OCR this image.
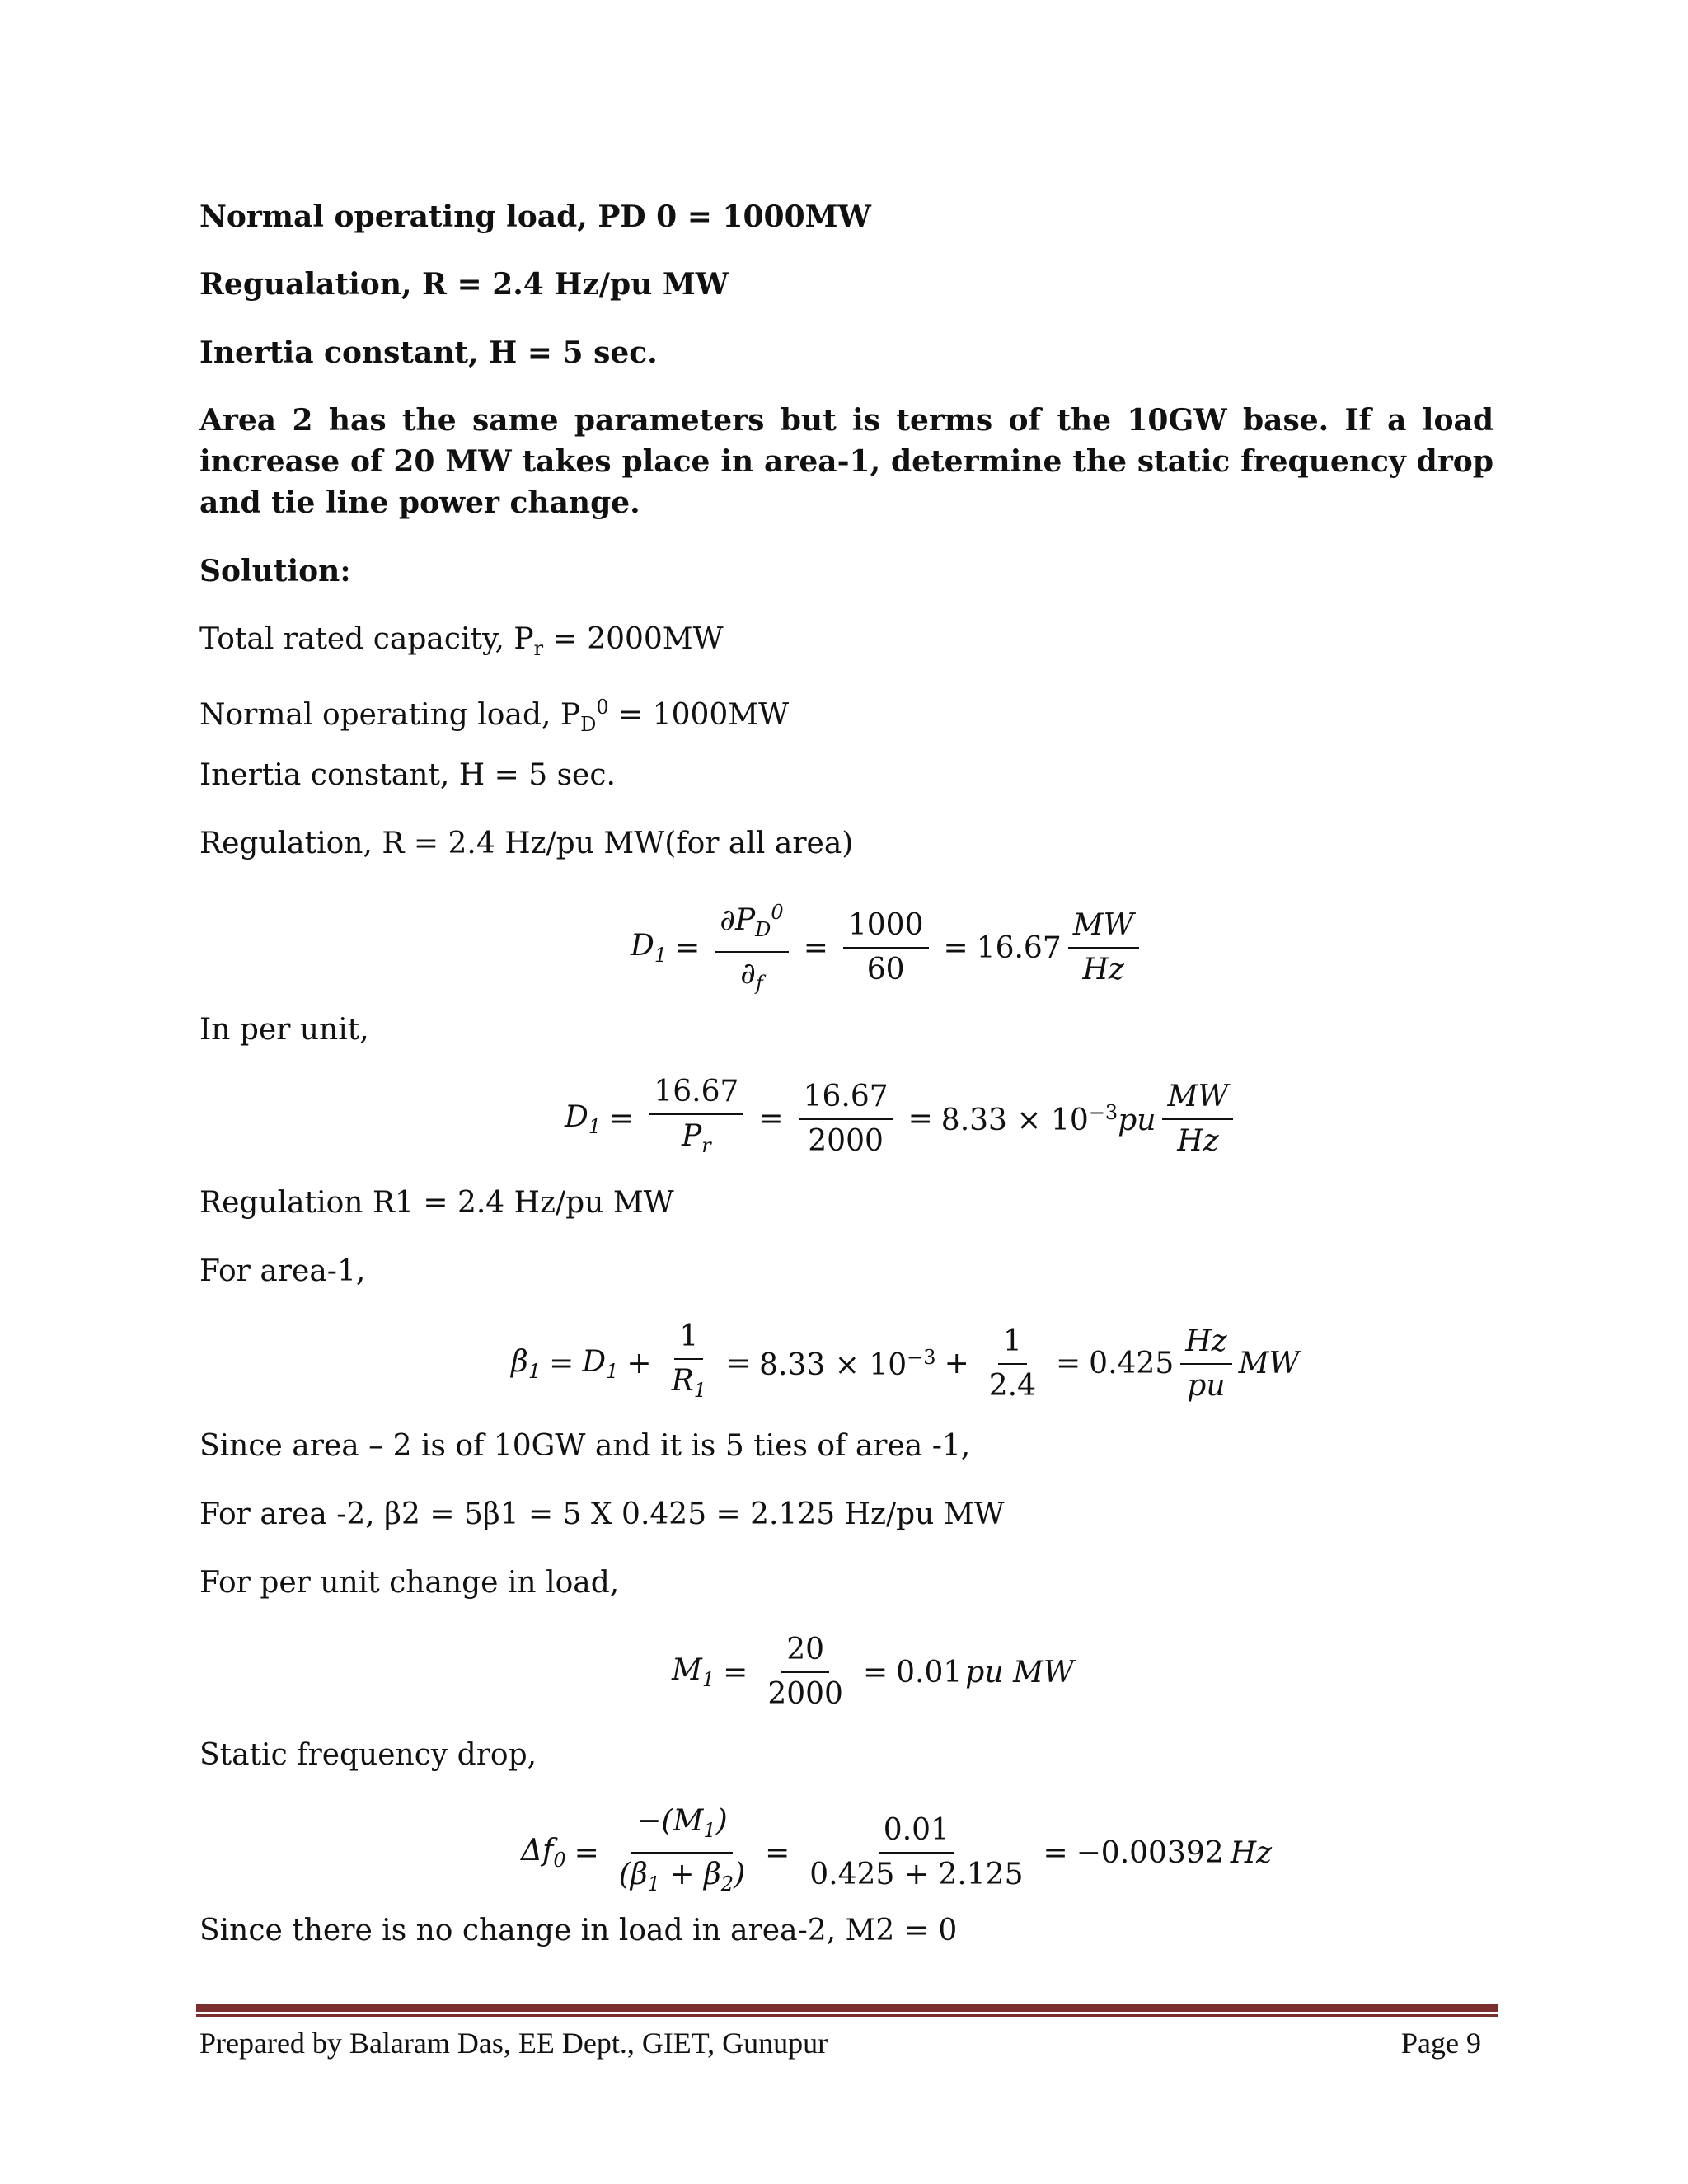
Normal operating load, PD 0 = 1000MW
Regualation, R = 2.4 Hz/pu MW
Inertia constant, H = 5 sec.
Area 2 has the same parameters but is terms of the 10GW base. If a load increase of 20 MW takes place in area-1, determine the static frequency drop and tie line power change.
Solution:
Total rated capacity, $P_r = 2000MW$
Normal operating load, $P_D^0 = 1000MW$
Inertia constant, H = 5 sec.
Regulation, R = 2.4 Hz/pu MW(for all area)
$D_1 = \frac{\partial P_D^0}{\partial_f} = \frac{1000}{60} = 16.67 \frac{MW}{Hz}$
In per unit,
$D_1 = \frac{16.67}{P_r} = \frac{16.67}{2000} = 8.33 \times 10^{-3}pu \frac{MW}{Hz}$
Regulation R1 = 2.4 Hz/pu MW
For area-1,
$\beta_1 = D_1 + \frac{1}{R_1} = 8.33 \times 10^{-3} + \frac{1}{2.4} = 0.425 \frac{Hz}{pu}$ MW
Since area – 2 is of 10GW and it is 5 ties of area -1,
For area -2, β2 = 5β1 = 5 X 0.425 = 2.125 Hz/pu MW
For per unit change in load,
$M_1 = \frac{20}{2000} = 0.01$ pu MW
Static frequency drop,
$\Delta f_0 = \frac{-(M_1)}{(\beta_1 + \beta_2)} = \frac{0.01}{0.425 + 2.125} = -0.00392$ Hz
Since there is no change in load in area-2, M2 = 0
Prepared by Balaram Das, EE Dept., GIET, Gunupur	Page 9
